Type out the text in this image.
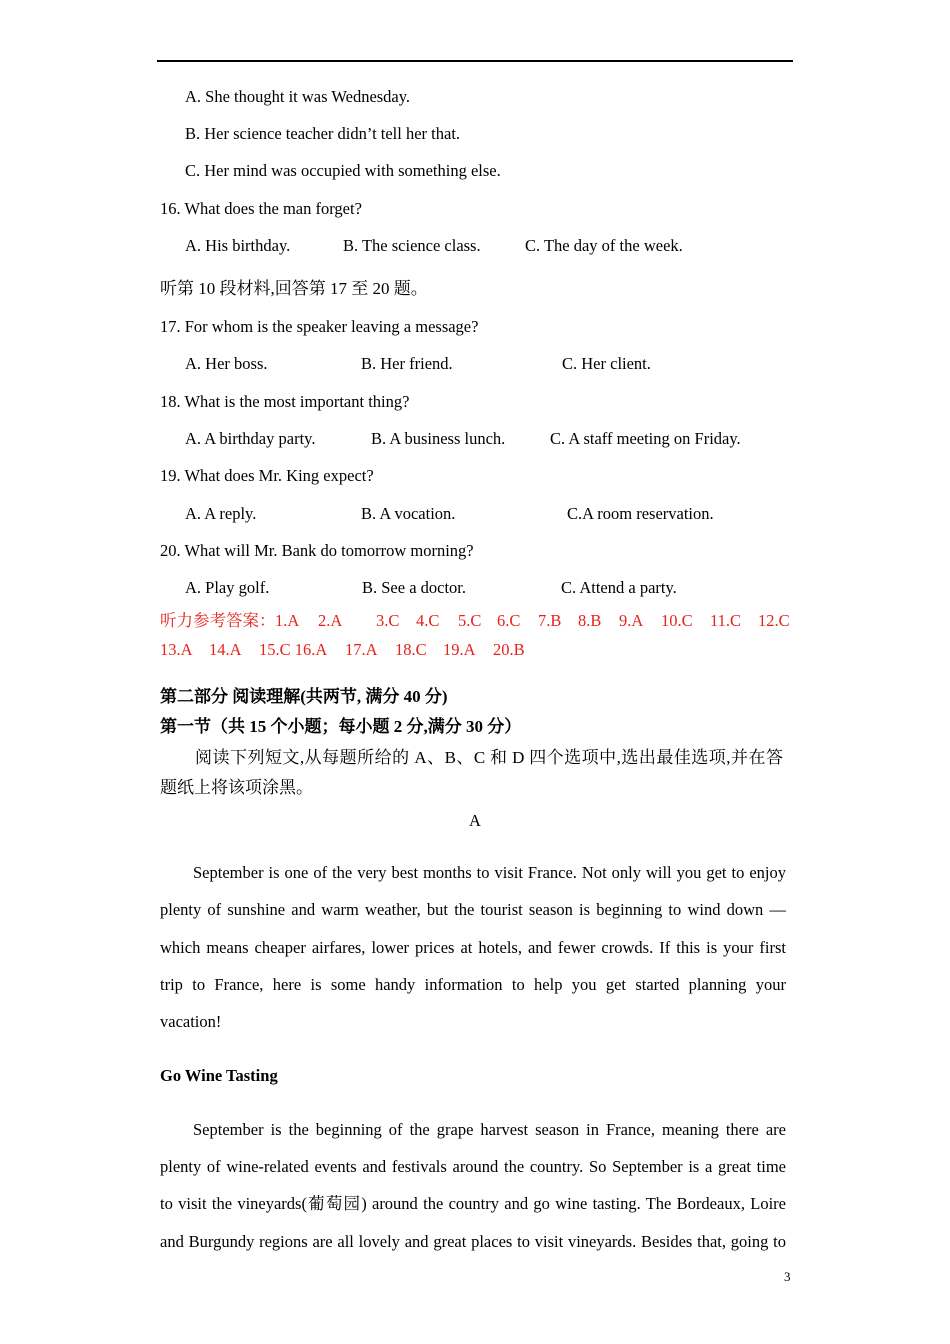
A. She thought it was Wednesday.
B. Her science teacher didn’t tell her that.
C. Her mind was occupied with something else.
16. What does the man forget?
A. His birthday.	B. The science class.	C. The day of the week.
听第 10 段材料,回答第 17 至 20 题。
17. For whom is the speaker leaving a message?
A. Her boss.	B. Her friend.	C. Her client.
18. What is the most important thing?
A. A birthday party.	B. A business lunch.	C. A staff meeting on Friday.
19. What does Mr. King expect?
A. A reply.	B. A vocation.	C.A room reservation.
20. What will Mr. Bank do tomorrow morning?
A. Play golf.	B. See a doctor.	C. Attend a party.
听力参考答案： 1.A 2.A 3.C 4.C 5.C 6.C 7.B 8.B 9.A 10.C 11.C 12.C
13.A 14.A 15.C 16.A 17.A 18.C 19.A 20.B
第二部分 阅读理解(共两节, 满分 40 分)
第一节（共 15 个小题；每小题 2 分,满分 30 分）
阅读下列短文,从每题所给的 A、B、C 和 D 四个选项中,选出最佳选项,并在答
题纸上将该项涂黑。
A
September is one of the very best months to visit France. Not only will you get to enjoy
plenty of sunshine and warm weather, but the tourist season is beginning to wind down —
which means cheaper airfares, lower prices at hotels, and fewer crowds. If this is your first
trip to France, here is some handy information to help you get started planning your
vacation!
Go Wine Tasting
September is the beginning of the grape harvest season in France, meaning there are
plenty of wine-related events and festivals around the country. So September is a great time
to visit the vineyards(葡萄园) around the country and go wine tasting. The Bordeaux, Loire
and Burgundy regions are all lovely and great places to visit vineyards. Besides that, going to
3
